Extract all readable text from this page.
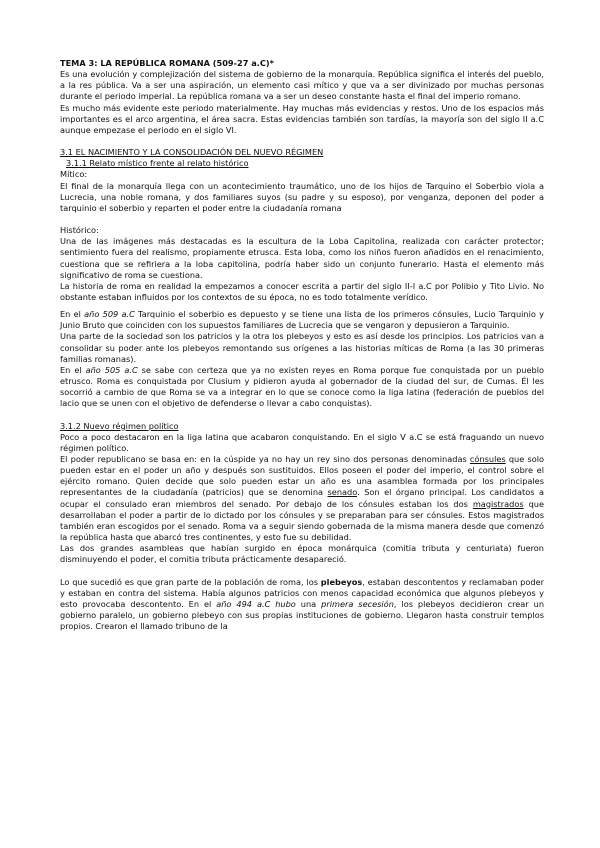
TEMA 3: LA REPÚBLICA ROMANA (509-27 a.C)*

Es una evolución y complejización del sistema de gobierno de la monarquía. República significa el interés del pueblo, a la res pública. Va a ser una aspiración, un elemento casi mítico y que va a ser divinizado por muchas personas durante el periodo imperial. La república romana va a ser un deseo constante hasta el final del imperio romano.

Es mucho más evidente este periodo materialmente. Hay muchas más evidencias y restos. Uno de los espacios más importantes es el arco argentina, el área sacra. Estas evidencias también son tardías, la mayoría son del siglo II a.C aunque empezase el periodo en el siglo VI.

3.1 EL NACIMIENTO Y LA CONSOLIDACIÓN DEL NUEVO RÉGIMEN

3.1.1 Relato místico frente al relato histórico

Mítico:

El final de la monarquía llega con un acontecimiento traumático, uno de los hijos de Tarquino el Soberbio viola a Lucrecia, una noble romana, y dos familiares suyos (su padre y su esposo), por venganza, deponen del poder a tarquinio el soberbio y reparten el poder entre la ciudadanía romana

Histórico:

Una de las imágenes más destacadas es la escultura de la Loba Capitolina, realizada con carácter protector; sentimiento fuera del realismo, propiamente etrusca. Esta loba, como los niños fueron añadidos en el renacimiento, cuestiona que se refiriera a la loba capitolina, podría haber sido un conjunto funerario. Hasta el elemento más significativo de roma se cuestiona.

La historia de roma en realidad la empezamos a conocer escrita a partir del siglo II-I a.C por Polibio y Tito Livio. No obstante estaban influidos por los contextos de su época, no es todo totalmente verídico.

En el año 509 a.C Tarquinio el soberbio es depuesto y se tiene una lista de los primeros cónsules, Lucio Tarquinio y Junio Bruto que coinciden con los supuestos familiares de Lucrecia que se vengaron y depusieron a Tarquinio.

Una parte de la sociedad son los patricios y la otra los plebeyos y esto es así desde los principios. Los patricios van a consolidar su poder ante los plebeyos remontando sus orígenes a las historias míticas de Roma (a las 30 primeras familias romanas).

En el año 505 a.C se sabe con certeza que ya no existen reyes en Roma porque fue conquistada por un pueblo etrusco. Roma es conquistada por Clusium y pidieron ayuda al gobernador de la ciudad del sur, de Cumas. Él les socorrió a cambio de que Roma se va a integrar en lo que se conoce como la liga latina (federación de pueblos del lacio que se unen con el objetivo de defenderse o llevar a cabo conquistas).

3.1.2 Nuevo régimen político

Poco a poco destacaron en la liga latina que acabaron conquistando. En el siglo V a.C se está fraguando un nuevo régimen político.

El poder republicano se basa en: en la cúspide ya no hay un rey sino dos personas denominadas cónsules que solo pueden estar en el poder un año y después son sustituidos. Ellos poseen el poder del imperio, el control sobre el ejército romano. Quien decide que solo pueden estar un año es una asamblea formada por los principales representantes de la ciudadanía (patricios) que se denomina senado. Son el órgano principal. Los candidatos a ocupar el consulado eran miembros del senado. Por debajo de los cónsules estaban los dos magistrados que desarrollaban el poder a partir de lo dictado por los cónsules y se preparaban para ser cónsules. Estos magistrados también eran escogidos por el senado. Roma va a seguir siendo gobernada de la misma manera desde que comenzó la república hasta que abarcó tres continentes, y esto fue su debilidad.

Las dos grandes asambleas que habían surgido en época monárquica (comitia tributa y centuriata) fueron disminuyendo el poder, el comitia tributa prácticamente desapareció.

Lo que sucedió es que gran parte de la población de roma, los plebeyos, estaban descontentos y reclamaban poder y estaban en contra del sistema. Había algunos patricios con menos capacidad económica que algunos plebeyos y esto provocaba descontento. En el año 494 a.C hubo una primera secesión, los plebeyos decidieron crear un gobierno paralelo, un gobierno plebeyo con sus propias instituciones de gobierno. Llegaron hasta construir templos propios. Crearon el llamado tribuno de la
